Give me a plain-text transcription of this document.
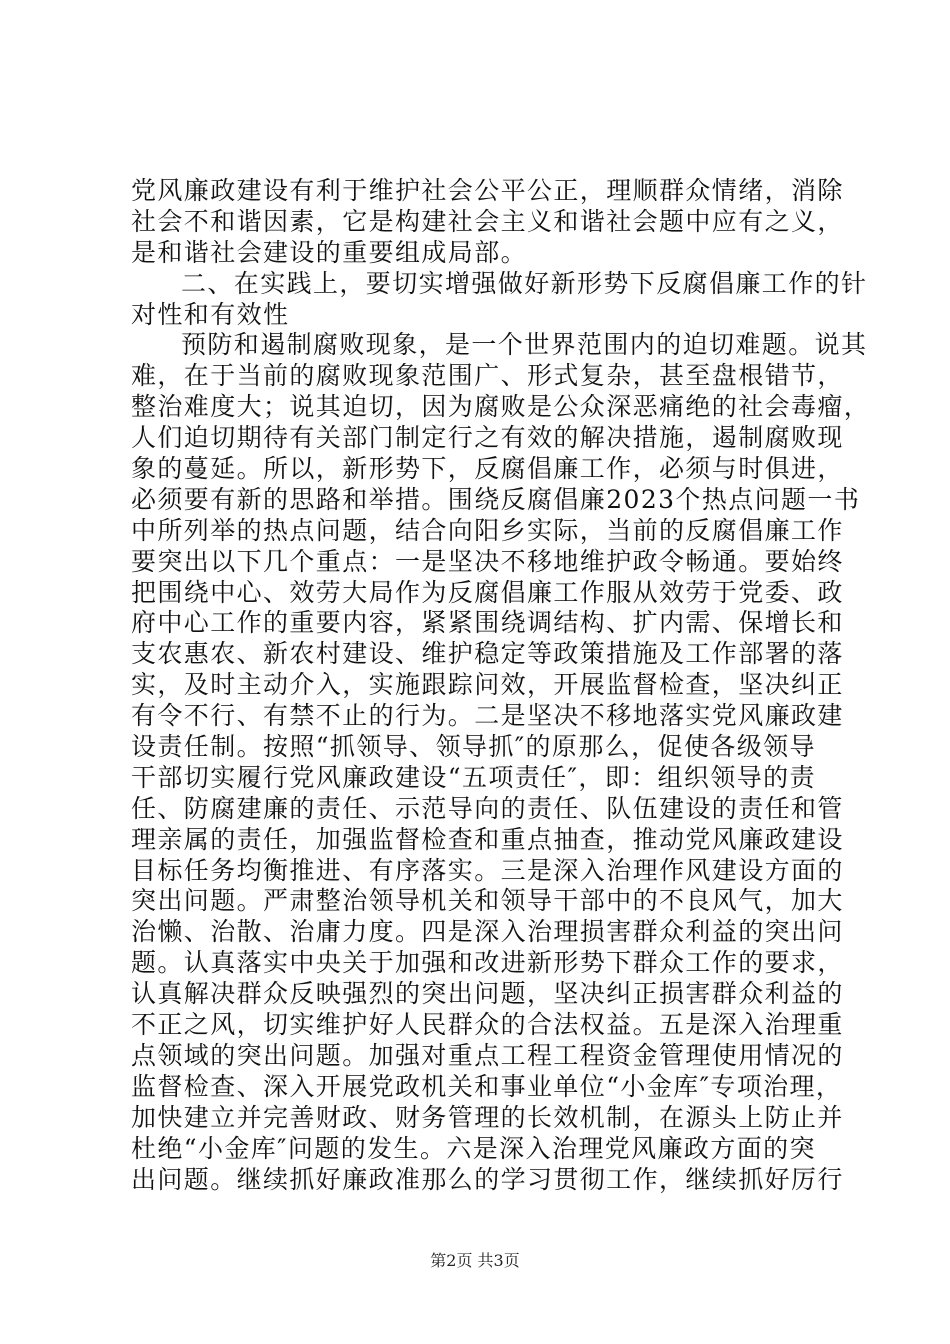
党风廉政建设有利于维护社会公平公正，理顺群众情绪，消除
社会不和谐因素，它是构建社会主义和谐社会题中应有之义，
是和谐社会建设的重要组成局部。
二、在实践上，要切实增强做好新形势下反腐倡廉工作的针
对性和有效性
预防和遏制腐败现象，是一个世界范围内的迫切难题。说其
难，在于当前的腐败现象范围广、形式复杂，甚至盘根错节，
整治难度大；说其迫切，因为腐败是公众深恶痛绝的社会毒瘤，
人们迫切期待有关部门制定行之有效的解决措施，遏制腐败现
象的蔓延。所以，新形势下，反腐倡廉工作，必须与时俱进，
必须要有新的思路和举措。围绕反腐倡廉2023个热点问题一书
中所列举的热点问题，结合向阳乡实际，当前的反腐倡廉工作
要突出以下几个重点：一是坚决不移地维护政令畅通。要始终
把围绕中心、效劳大局作为反腐倡廉工作服从效劳于党委、政
府中心工作的重要内容，紧紧围绕调结构、扩内需、保增长和
支农惠农、新农村建设、维护稳定等政策措施及工作部署的落
实，及时主动介入，实施跟踪问效，开展监督检查，坚决纠正
有令不行、有禁不止的行为。二是坚决不移地落实党风廉政建
设责任制。按照“抓领导、领导抓″的原那么，促使各级领导
干部切实履行党风廉政建设“五项责任″，即：组织领导的责
任、防腐建廉的责任、示范导向的责任、队伍建设的责任和管
理亲属的责任，加强监督检查和重点抽查，推动党风廉政建设
目标任务均衡推进、有序落实。三是深入治理作风建设方面的
突出问题。严肃整治领导机关和领导干部中的不良风气，加大
治懒、治散、治庸力度。四是深入治理损害群众利益的突出问
题。认真落实中央关于加强和改进新形势下群众工作的要求，
认真解决群众反映强烈的突出问题，坚决纠正损害群众利益的
不正之风，切实维护好人民群众的合法权益。五是深入治理重
点领域的突出问题。加强对重点工程工程资金管理使用情况的
监督检查、深入开展党政机关和事业单位“小金库″专项治理，
加快建立并完善财政、财务管理的长效机制，在源头上防止并
杜绝“小金库″问题的发生。六是深入治理党风廉政方面的突
出问题。继续抓好廉政准那么的学习贯彻工作，继续抓好厉行
第2页 共3页
